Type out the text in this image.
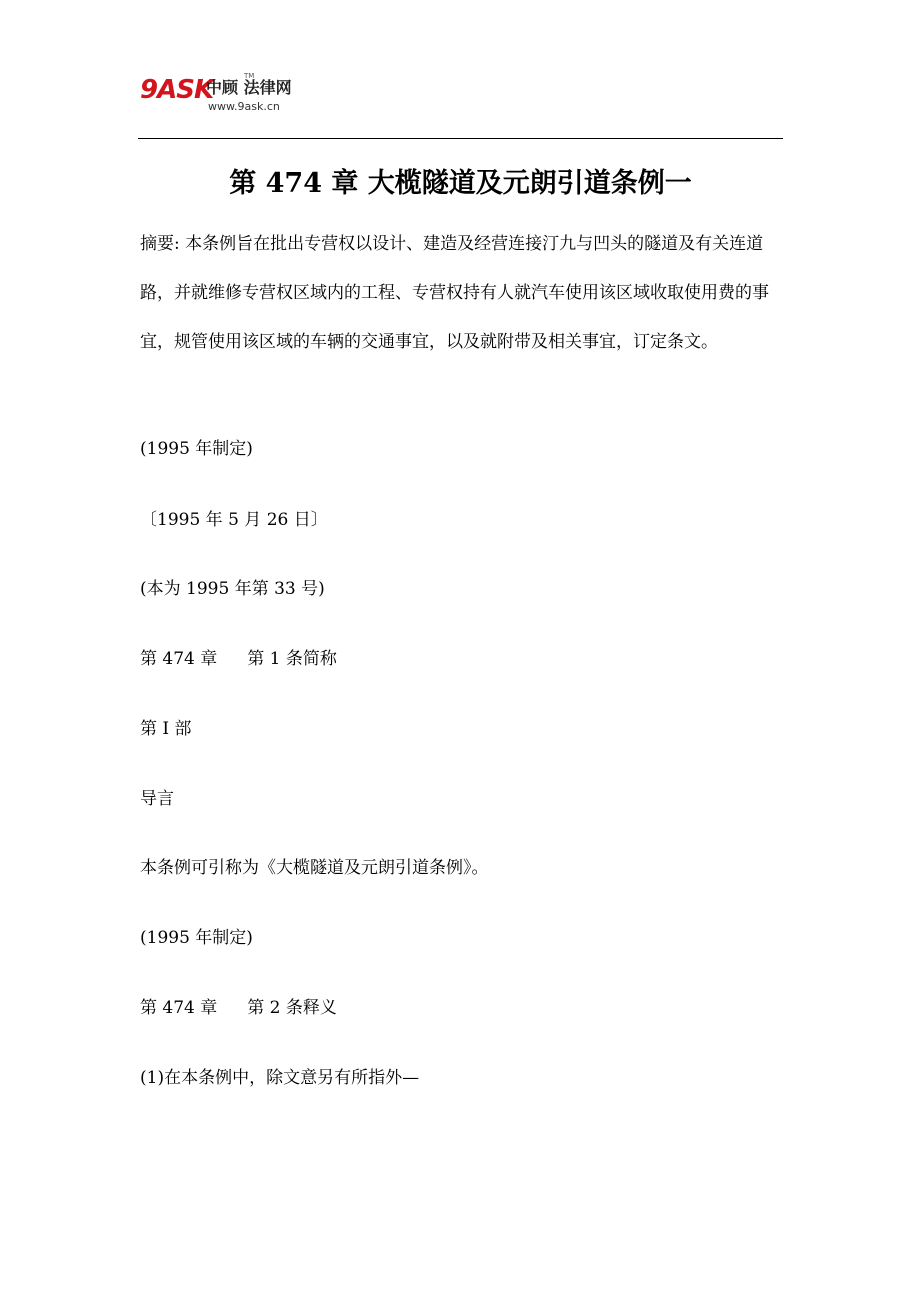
9ASK
中顾 法律网
TM
www.9ask.cn
第 474 章 大榄隧道及元朗引道条例一

摘要: 本条例旨在批出专营权以设计、建造及经营连接汀九与凹头的隧道及有关连道路，并就维修专营权区域内的工程、专营权持有人就汽车使用该区域收取使用费的事宜，规管使用该区域的车辆的交通事宜，以及就附带及相关事宜，订定条文。

(1995 年制定)

〔1995 年 5 月 26 日〕

(本为 1995 年第 33 号)

第 474 章 第 1 条简称

第 I 部

导言

本条例可引称为《大榄隧道及元朗引道条例》。

(1995 年制定)

第 474 章 第 2 条释义

(1)在本条例中，除文意另有所指外—
